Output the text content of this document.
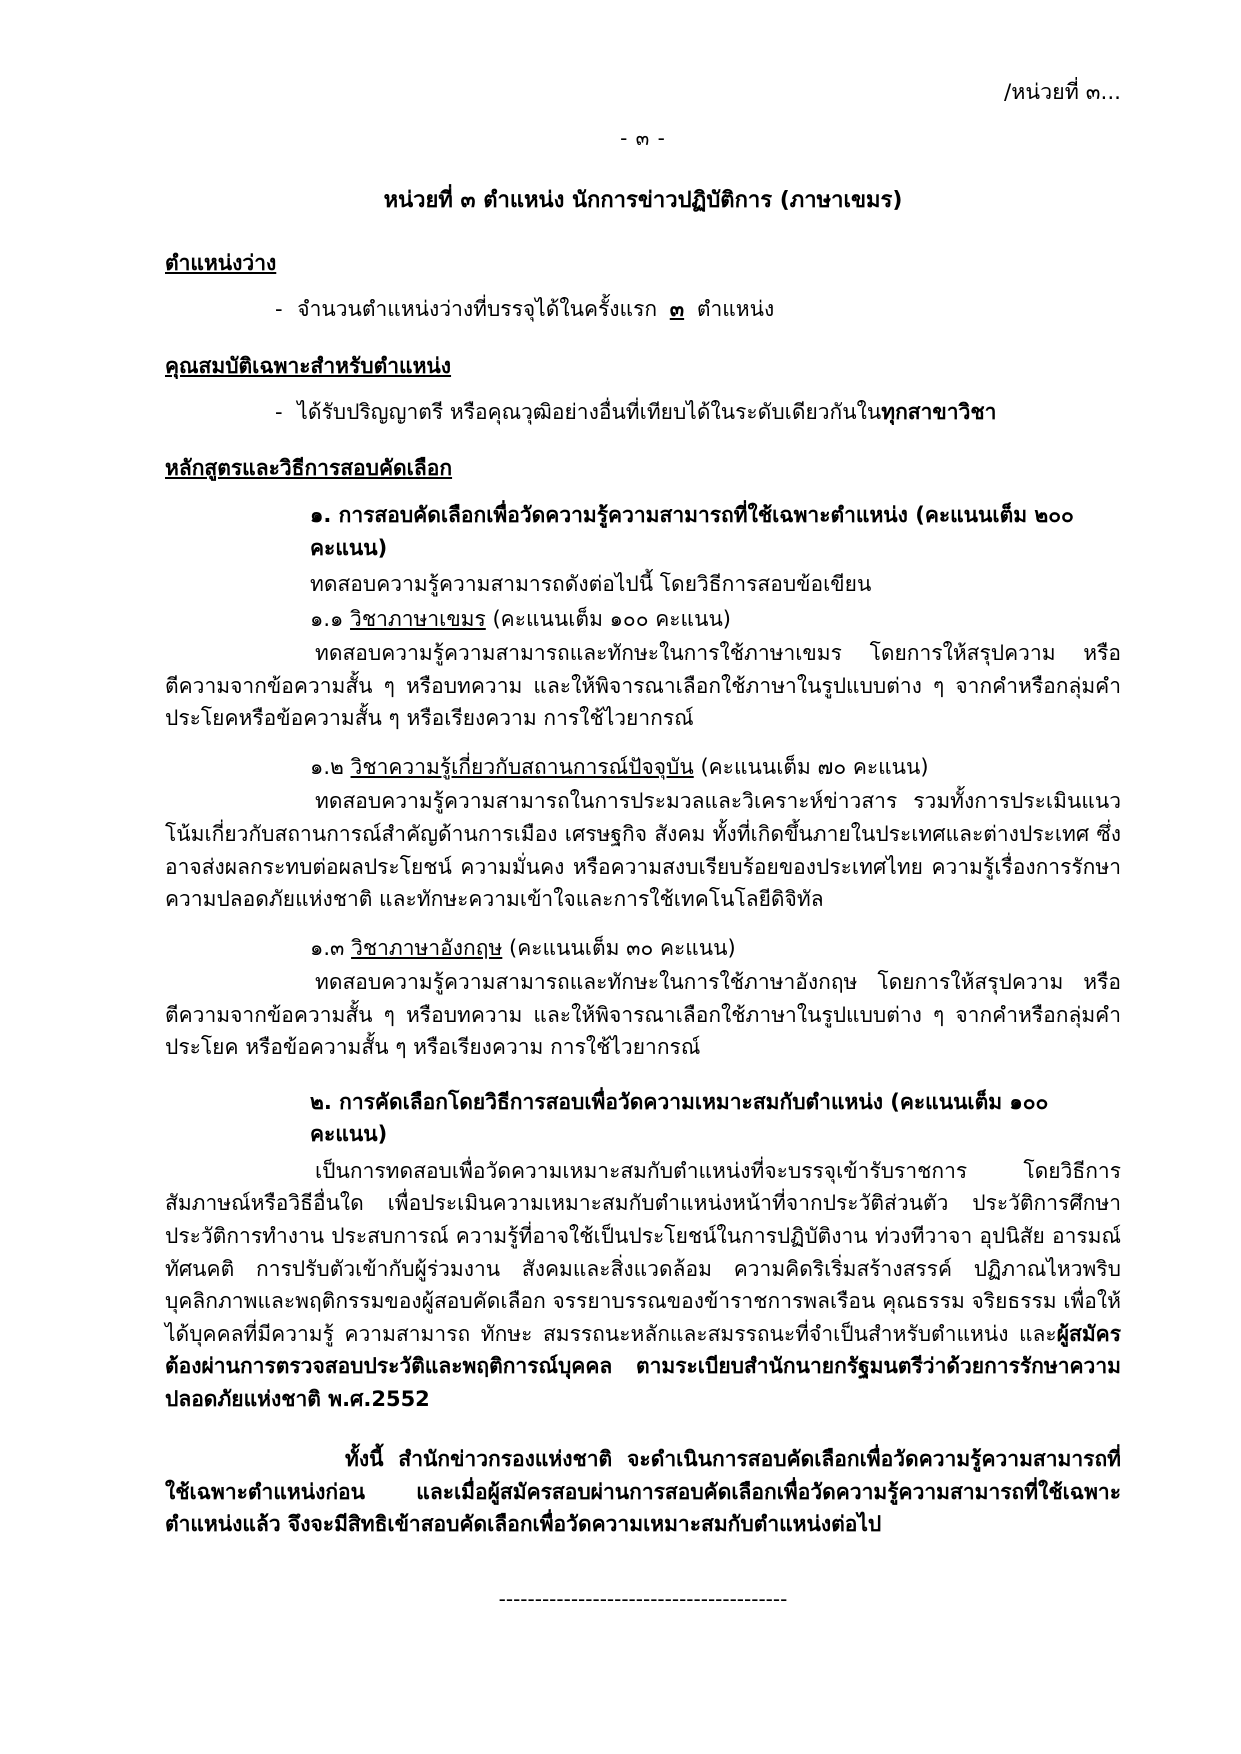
/หน่วยที่ ๓...
- ๓ -
หน่วยที่ ๓ ตำแหน่ง นักการข่าวปฏิบัติการ (ภาษาเขมร)
ตำแหน่งว่าง
- จำนวนตำแหน่งว่างที่บรรจุได้ในครั้งแรก ๓ ตำแหน่ง
คุณสมบัติเฉพาะสำหรับตำแหน่ง
- ได้รับปริญญาตรี หรือคุณวุฒิอย่างอื่นที่เทียบได้ในระดับเดียวกันในทุกสาขาวิชา
หลักสูตรและวิธีการสอบคัดเลือก
๑. การสอบคัดเลือกเพื่อวัดความรู้ความสามารถที่ใช้เฉพาะตำแหน่ง (คะแนนเต็ม ๒๐๐ คะแนน)
ทดสอบความรู้ความสามารถดังต่อไปนี้ โดยวิธีการสอบข้อเขียน
๑.๑ วิชาภาษาเขมร (คะแนนเต็ม ๑๐๐ คะแนน)
ทดสอบความรู้ความสามารถและทักษะในการใช้ภาษาเขมร โดยการให้สรุปความ หรือตีความจากข้อความสั้น ๆ หรือบทความ และให้พิจารณาเลือกใช้ภาษาในรูปแบบต่าง ๆ จากคำหรือกลุ่มคำ ประโยคหรือข้อความสั้น ๆ หรือเรียงความ การใช้ไวยากรณ์
๑.๒ วิชาความรู้เกี่ยวกับสถานการณ์ปัจจุบัน (คะแนนเต็ม ๗๐ คะแนน)
ทดสอบความรู้ความสามารถในการประมวลและวิเคราะห์ข่าวสาร รวมทั้งการประเมินแนวโน้มเกี่ยวกับสถานการณ์สำคัญด้านการเมือง เศรษฐกิจ สังคม ทั้งที่เกิดขึ้นภายในประเทศและต่างประเทศ ซึ่งอาจส่งผลกระทบต่อผลประโยชน์ ความมั่นคง หรือความสงบเรียบร้อยของประเทศไทย ความรู้เรื่องการรักษาความปลอดภัยแห่งชาติ และทักษะความเข้าใจและการใช้เทคโนโลยีดิจิทัล
๑.๓ วิชาภาษาอังกฤษ (คะแนนเต็ม ๓๐ คะแนน)
ทดสอบความรู้ความสามารถและทักษะในการใช้ภาษาอังกฤษ โดยการให้สรุปความ หรือตีความจากข้อความสั้น ๆ หรือบทความ และให้พิจารณาเลือกใช้ภาษาในรูปแบบต่าง ๆ จากคำหรือกลุ่มคำ ประโยค หรือข้อความสั้น ๆ หรือเรียงความ การใช้ไวยากรณ์
๒. การคัดเลือกโดยวิธีการสอบเพื่อวัดความเหมาะสมกับตำแหน่ง (คะแนนเต็ม ๑๐๐ คะแนน)
เป็นการทดสอบเพื่อวัดความเหมาะสมกับตำแหน่งที่จะบรรจุเข้ารับราชการ โดยวิธีการสัมภาษณ์หรือวิธีอื่นใด เพื่อประเมินความเหมาะสมกับตำแหน่งหน้าที่จากประวัติส่วนตัว ประวัติการศึกษา ประวัติการทำงาน ประสบการณ์ ความรู้ที่อาจใช้เป็นประโยชน์ในการปฏิบัติงาน ท่วงทีวาจา อุปนิสัย อารมณ์ ทัศนคติ การปรับตัวเข้ากับผู้ร่วมงาน สังคมและสิ่งแวดล้อม ความคิดริเริ่มสร้างสรรค์ ปฏิภาณไหวพริบ บุคลิกภาพและพฤติกรรมของผู้สอบคัดเลือก จรรยาบรรณของข้าราชการพลเรือน คุณธรรม จริยธรรม เพื่อให้ได้บุคคลที่มีความรู้ ความสามารถ ทักษะ สมรรถนะหลักและสมรรถนะที่จำเป็นสำหรับตำแหน่ง และผู้สมัครต้องผ่านการตรวจสอบประวัติและพฤติการณ์บุคคล ตามระเบียบสำนักนายกรัฐมนตรีว่าด้วยการรักษาความปลอดภัยแห่งชาติ พ.ศ.2552
ทั้งนี้ สำนักข่าวกรองแห่งชาติ จะดำเนินการสอบคัดเลือกเพื่อวัดความรู้ความสามารถที่ใช้เฉพาะตำแหน่งก่อน และเมื่อผู้สมัครสอบผ่านการสอบคัดเลือกเพื่อวัดความรู้ความสามารถที่ใช้เฉพาะตำแหน่งแล้ว จึงจะมีสิทธิเข้าสอบคัดเลือกเพื่อวัดความเหมาะสมกับตำแหน่งต่อไป
----------------------------------------
